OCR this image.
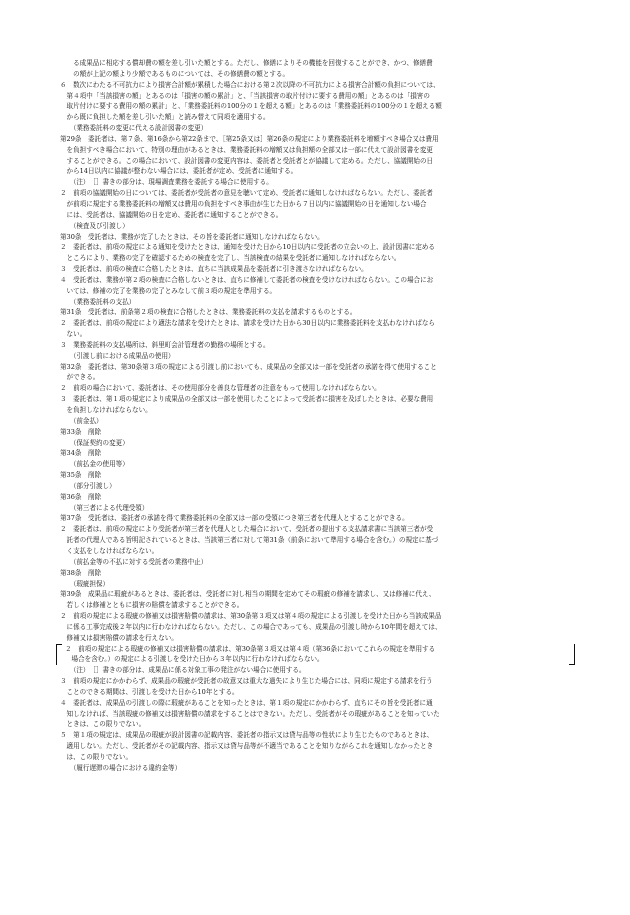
　　る成果品に相応する償却費の額を差し引いた額とする。ただし、修繕によりその機能を回復することができ、かつ、修繕費
　　の額が上記の額より少額であるものについては、その修繕費の額とする。
６　数次にわたる不可抗力により損害合計額が累積した場合における第２次以降の不可抗力による損害合計額の負担については、
　第４項中「当該損害の額」とあるのは「損害の額の累計」と、「当該損害の取片付けに要する費用の額」とあるのは「損害の
　取片付けに要する費用の額の累計」と、「業務委託料の100分の１を超える額」とあるのは「業務委託料の100分の１を超える額
　から既に負担した額を差し引いた額」と読み替えて同項を適用する。
　　（業務委託料の変更に代える設計図書の変更）
第29条　委託者は、第７条、第16条から第22条まで、［第25条又は］第26条の規定により業務委託料を増額すべき場合又は費用
　を負担すべき場合において、特別の理由があるときは、業務委託料の増額又は負担額の全部又は一部に代えて設計図書を変更
　することができる。この場合において、設計図書の変更内容は、委託者と受託者とが協議して定める。ただし、協議開始の日
　から14日以内に協議が整わない場合には、委託者が定め、受託者に通知する。
　　（注）　［］書きの部分は、現場調査業務を委託する場合に使用する。
２　前項の協議開始の日については、委託者が受託者の意見を聴いて定め、受託者に通知しなければならない。ただし、委託者
　が前項に規定する業務委託料の増額又は費用の負担をすべき事由が生じた日から７日以内に協議開始の日を通知しない場合
　には、受託者は、協議開始の日を定め、委託者に通知することができる。
　　（検査及び引渡し）
第30条　受託者は、業務が完了したときは、その旨を委託者に通知しなければならない。
２　委託者は、前項の規定による通知を受けたときは、通知を受けた日から10日以内に受託者の立会いの上、設計図書に定める
　ところにより、業務の完了を確認するための検査を完了し、当該検査の結果を受託者に通知しなければならない。
３　受託者は、前項の検査に合格したときは、直ちに当該成果品を委託者に引き渡さなければならない。
４　受託者は、業務が第２項の検査に合格しないときは、直ちに修補して委託者の検査を受けなければならない。この場合にお
　いては、修補の完了を業務の完了とみなして前３項の規定を準用する。
　　（業務委託料の支払）
第31条　受託者は、前条第２項の検査に合格したときは、業務委託料の支払を請求するものとする。
２　委託者は、前項の規定により適法な請求を受けたときは、請求を受けた日から30日以内に業務委託料を支払わなければなら
　ない。
３　業務委託料の支払場所は、斜里町会計管理者の勤務の場所とする。
　　（引渡し前における成果品の使用）
第32条　委託者は、第30条第３項の規定による引渡し前においても、成果品の全部又は一部を受託者の承諾を得て使用すること
　ができる。
２　前項の場合において、委託者は、その使用部分を善良な管理者の注意をもって使用しなければならない。
３　委託者は、第１項の規定により成果品の全部又は一部を使用したことによって受託者に損害を及ぼしたときは、必要な費用
　を負担しなければならない。
　　（前金払）
第33条　削除
　　（保証契約の変更）
第34条　削除
　　（前払金の使用等）
第35条　削除
　　（部分引渡し）
第36条　削除
　　（第三者による代理受領）
第37条　受託者は、委託者の承諾を得て業務委託料の全部又は一部の受領につき第三者を代理人とすることができる。
２　委託者は、前項の規定により受託者が第三者を代理人とした場合において、受託者の提出する支払請求書に当該第三者が受
　託者の代理人である旨明記されているときは、当該第三者に対して第31条（前条において準用する場合を含む。）の規定に基づ
　く支払をしなければならない。
　　（前払金等の不払に対する受託者の業務中止）
第38条　削除
　　（瑕疵担保）
第39条　成果品に瑕疵があるときは、委託者は、受託者に対し相当の期間を定めてその瑕疵の修補を請求し、又は修補に代え、
　若しくは修補とともに損害の賠償を請求することができる。
２　前項の規定による瑕疵の修補又は損害賠償の請求は、第30条第３項又は第４項の規定による引渡しを受けた日から当該成果品
　に係る工事完成後２年以内に行わなければならない。ただし、この場合であっても、成果品の引渡し時から10年間を超えては、
　修補又は損害賠償の請求を行えない。
２　前項の規定による瑕疵の修補又は損害賠償の請求は、第30条第３項又は第４項（第36条においてこれらの規定を準用する
　場合を含む。）の規定による引渡しを受けた日から３年以内に行わなければならない。
　　（注）　［］書きの部分は、成果品に係る対象工事の発注がない場合に使用する。
３　前項の規定にかかわらず、成果品の瑕疵が受託者の故意又は重大な過失により生じた場合には、同項に規定する請求を行う
　ことのできる期間は、引渡しを受けた日から10年とする。
４　委託者は、成果品の引渡しの際に瑕疵があることを知ったときは、第１項の規定にかかわらず、直ちにその旨を受託者に通
　知しなければ、当該瑕疵の修補又は損害賠償の請求をすることはできない。ただし、受託者がその瑕疵があることを知っていた
　ときは、この限りでない。
５　第１項の規定は、成果品の瑕疵が設計図書の記載内容、委託者の指示又は貸与品等の性状により生じたものであるときは、
　適用しない。ただし、受託者がその記載内容、指示又は貸与品等が不適当であることを知りながらこれを通知しなかったとき
　は、この限りでない。
　　（履行遅滞の場合における違約金等）
